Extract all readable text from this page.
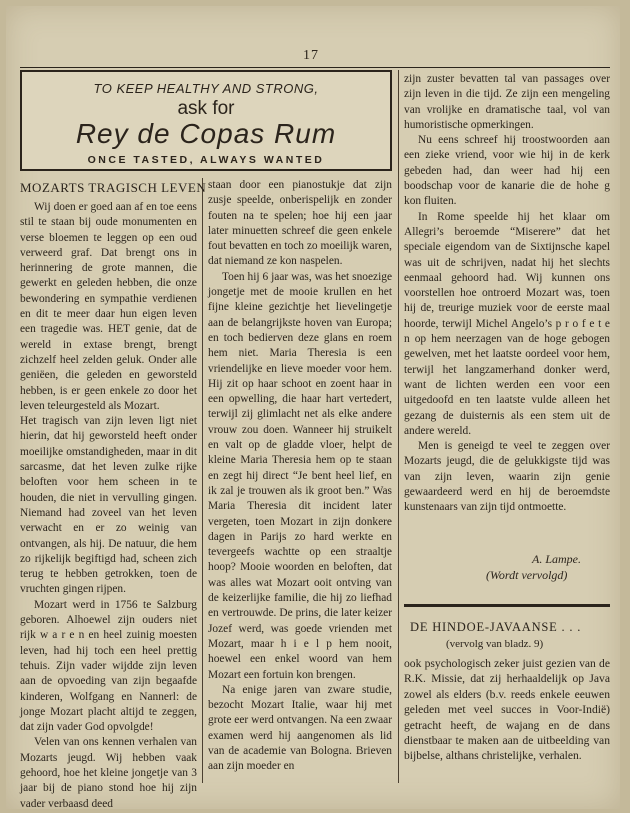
17
TO KEEP HEALTHY AND STRONG,
ask for
Rey de Copas Rum
ONCE TASTED, ALWAYS WANTED
MOZARTS TRAGISCH LEVEN

Wij doen er goed aan af en toe eens stil te staan bij oude monumenten en verse bloemen te leggen op een oud verweerd graf. Dat brengt ons in herinnering de grote mannen, die gewerkt en geleden hebben, die onze bewondering en sympathie verdienen en dit te meer daar hun eigen leven een tragedie was. HET genie, dat de wereld in extase brengt, brengt zichzelf heel zelden geluk. Onder alle geniëen, die geleden en geworsteld hebben, is er geen enkele zo door het leven teleurgesteld als Mozart.

Het tragisch van zijn leven ligt niet hierin, dat hij geworsteld heeft onder moeilijke omstandigheden, maar in dit sarcasme, dat het leven zulke rijke beloften voor hem scheen in te houden, die niet in vervulling gingen. Niemand had zoveel van het leven verwacht en er zo weinig van ontvangen, als hij. De natuur, die hem zo rijkelijk begiftigd had, scheen zich terug te hebben getrokken, toen de vruchten gingen rijpen.

Mozart werd in 1756 te Salzburg geboren. Alhoewel zijn ouders niet rijk w a r e n en heel zuinig moesten leven, had hij toch een heel prettig tehuis. Zijn vader wijdde zijn leven aan de opvoeding van zijn begaafde kinderen, Wolfgang en Nannerl: de jonge Mozart placht altijd te zeggen, dat zijn vader God opvolgde!

Velen van ons kennen verhalen van Mozarts jeugd. Wij hebben vaak gehoord, hoe het kleine jongetje van 3 jaar bij de piano stond hoe hij zijn vader verbaasd deed

staan door een pianostukje dat zijn zusje speelde, onberispelijk en zonder fouten na te spelen; hoe hij een jaar later minuetten schreef die geen enkele fout bevatten en toch zo moeilijk waren, dat niemand ze kon naspelen.

Toen hij 6 jaar was, was het snoezige jongetje met de mooie krullen en het fijne kleine gezichtje het lievelingetje aan de belangrijkste hoven van Europa; en toch bedierven deze glans en roem hem niet. Maria Theresia is een vriendelijke en lieve moeder voor hem. Hij zit op haar schoot en zoent haar in een opwelling, die haar hart vertedert, terwijl zij glimlacht net als elke andere vrouw zou doen. Wanneer hij struikelt en valt op de gladde vloer, helpt de kleine Maria Theresia hem op te staan en zegt hij direct “Je bent heel lief, en ik zal je trouwen als ik groot ben.” Was Maria Theresia dit incident later vergeten, toen Mozart in zijn donkere dagen in Parijs zo hard werkte en tevergeefs wachtte op een straaltje hoop? Mooie woorden en beloften, dat was alles wat Mozart ooit ontving van de keizerlijke familie, die hij zo liefhad en vertrouwde. De prins, die later keizer Jozef werd, was goede vrienden met Mozart, maar h i e l p hem nooit, hoewel een enkel woord van hem Mozart een fortuin kon brengen.

Na enige jaren van zware studie, bezocht Mozart Italie, waar hij met grote eer werd ontvangen. Na een zwaar examen werd hij aangenomen als lid van de academie van Bologna. Brieven aan zijn moeder en

zijn zuster bevatten tal van passages over zijn leven in die tijd. Ze zijn een mengeling van vrolijke en dramatische taal, vol van humoristische opmerkingen.

Nu eens schreef hij troostwoorden aan een zieke vriend, voor wie hij in de kerk gebeden had, dan weer had hij een boodschap voor de kanarie die de hohe g kon fluiten.

In Rome speelde hij het klaar om Allegri’s beroemde “Miserere” dat het speciale eigendom van de Sixtijnsche kapel was uit de schrijven, nadat hij het slechts eenmaal gehoord had. Wij kunnen ons voorstellen hoe ontroerd Mozart was, toen hij de, treurige muziek voor de eerste maal hoorde, terwijl Michel Angelo’s p r o f e t e n op hem neerzagen van de hoge gebogen gewelven, met het laatste oordeel voor hem, terwijl het langzamerhand donker werd, want de lichten werden een voor een uitgedoofd en ten laatste vulde alleen het gezang de duisternis als een stem uit de andere wereld.

Men is geneigd te veel te zeggen over Mozarts jeugd, die de gelukkigste tijd was van zijn leven, waarin zijn genie gewaardeerd werd en hij de beroemdste kunstenaars van zijn tijd ontmoette.

A. Lampe.
(Wordt vervolgd)
DE HINDOE-JAVAANSE . . .
(vervolg van bladz. 9)

ook psychologisch zeker juist gezien van de R.K. Missie, dat zij herhaaldelijk op Java zowel als elders (b.v. reeds enkele eeuwen geleden met veel succes in Voor-Indië) getracht heeft, de wajang en de dans dienstbaar te maken aan de uitbeelding van bijbelse, althans christelijke, verhalen.
